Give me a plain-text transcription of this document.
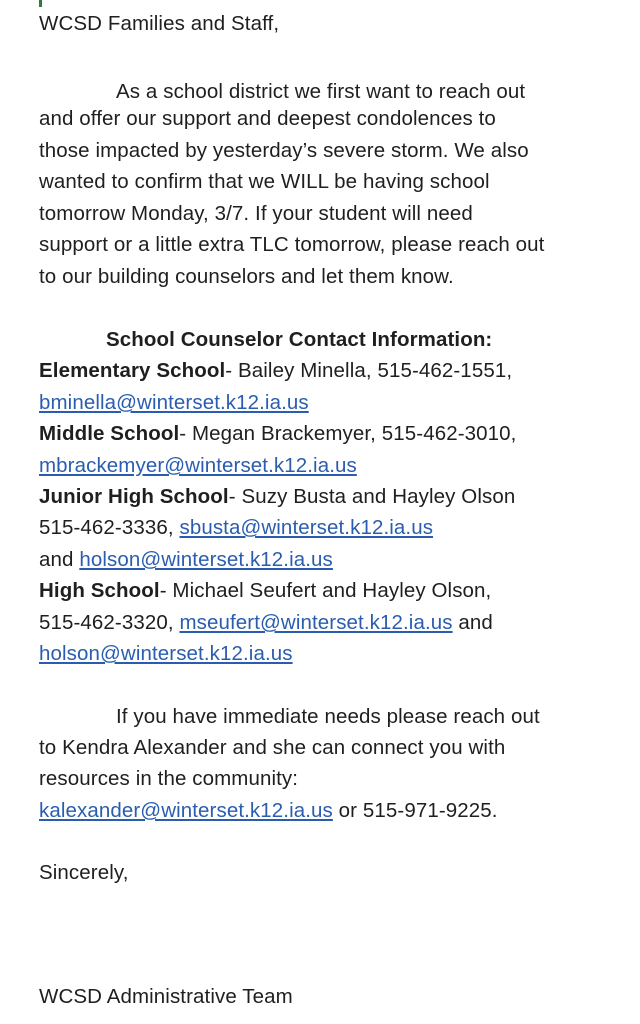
WCSD Families and Staff,
As a school district we first want to reach out
and offer our support and deepest condolences to
those impacted by yesterday’s severe storm. We also
wanted to confirm that we WILL be having school
tomorrow Monday, 3/7. If your student will need
support or a little extra TLC tomorrow, please reach out
to our building counselors and let them know.
School Counselor Contact Information:
Elementary School- Bailey Minella, 515-462-1551,
bminella@winterset.k12.ia.us
Middle School- Megan Brackemyer, 515-462-3010,
mbrackemyer@winterset.k12.ia.us
Junior High School- Suzy Busta and Hayley Olson
515-462-3336, sbusta@winterset.k12.ia.us
and holson@winterset.k12.ia.us
High School- Michael Seufert and Hayley Olson,
515-462-3320, mseufert@winterset.k12.ia.us and
holson@winterset.k12.ia.us
If you have immediate needs please reach out
to Kendra Alexander and she can connect you with
resources in the community:
kalexander@winterset.k12.ia.us or 515-971-9225.
Sincerely,
WCSD Administrative Team
